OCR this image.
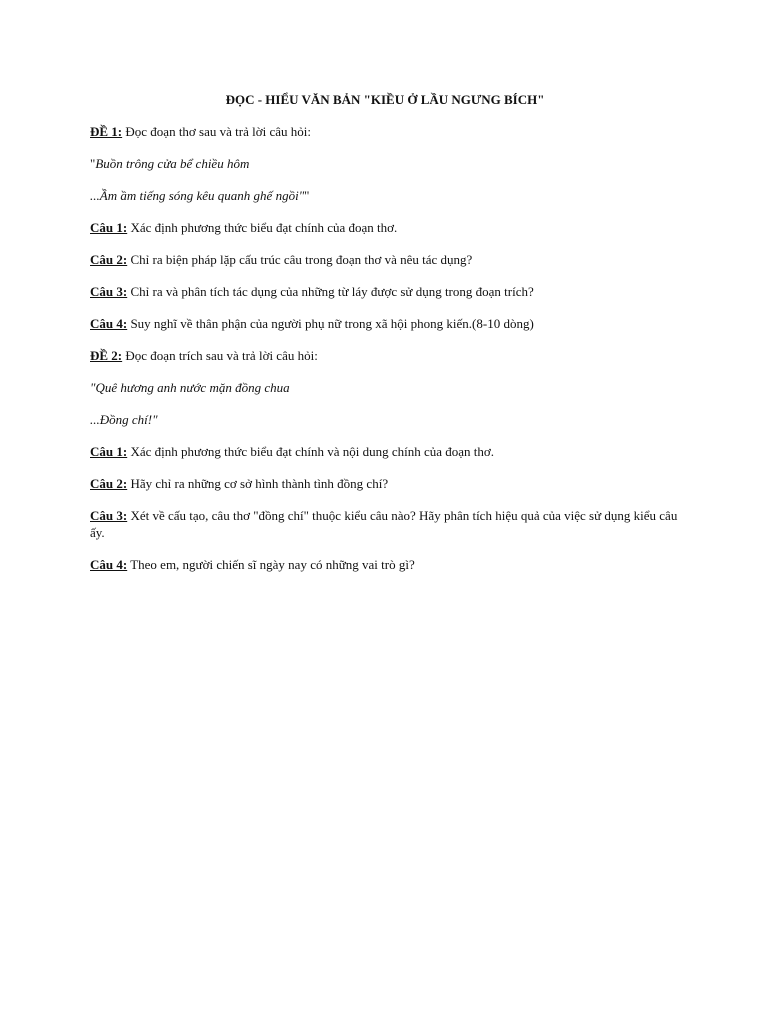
ĐỌC - HIỂU VĂN BẢN "KIỀU Ở LẦU NGƯNG BÍCH"

ĐỀ 1: Đọc đoạn thơ sau và trả lời câu hỏi:

"Buồn trông cửa bể chiều hôm

...Ầm ầm tiếng sóng kêu quanh ghế ngồi""

Câu 1: Xác định phương thức biểu đạt chính của đoạn thơ.

Câu 2: Chỉ ra biện pháp lặp cấu trúc câu trong đoạn thơ và nêu tác dụng?

Câu 3: Chỉ ra và phân tích tác dụng của những từ láy được sử dụng trong đoạn trích?

Câu 4: Suy nghĩ về thân phận của người phụ nữ trong xã hội phong kiến.(8-10 dòng)

ĐỀ 2: Đọc đoạn trích sau và trả lời câu hỏi:

"Quê hương anh nước mặn đồng chua

...Đồng chí!"

Câu 1: Xác định phương thức biểu đạt chính và nội dung chính của đoạn thơ.

Câu 2: Hãy chỉ ra những cơ sở hình thành tình đồng chí?

Câu 3: Xét về cấu tạo, câu thơ "đồng chí" thuộc kiểu câu nào? Hãy phân tích hiệu quả của việc sử dụng kiểu câu ấy.

Câu 4: Theo em, người chiến sĩ ngày nay có những vai trò gì?
